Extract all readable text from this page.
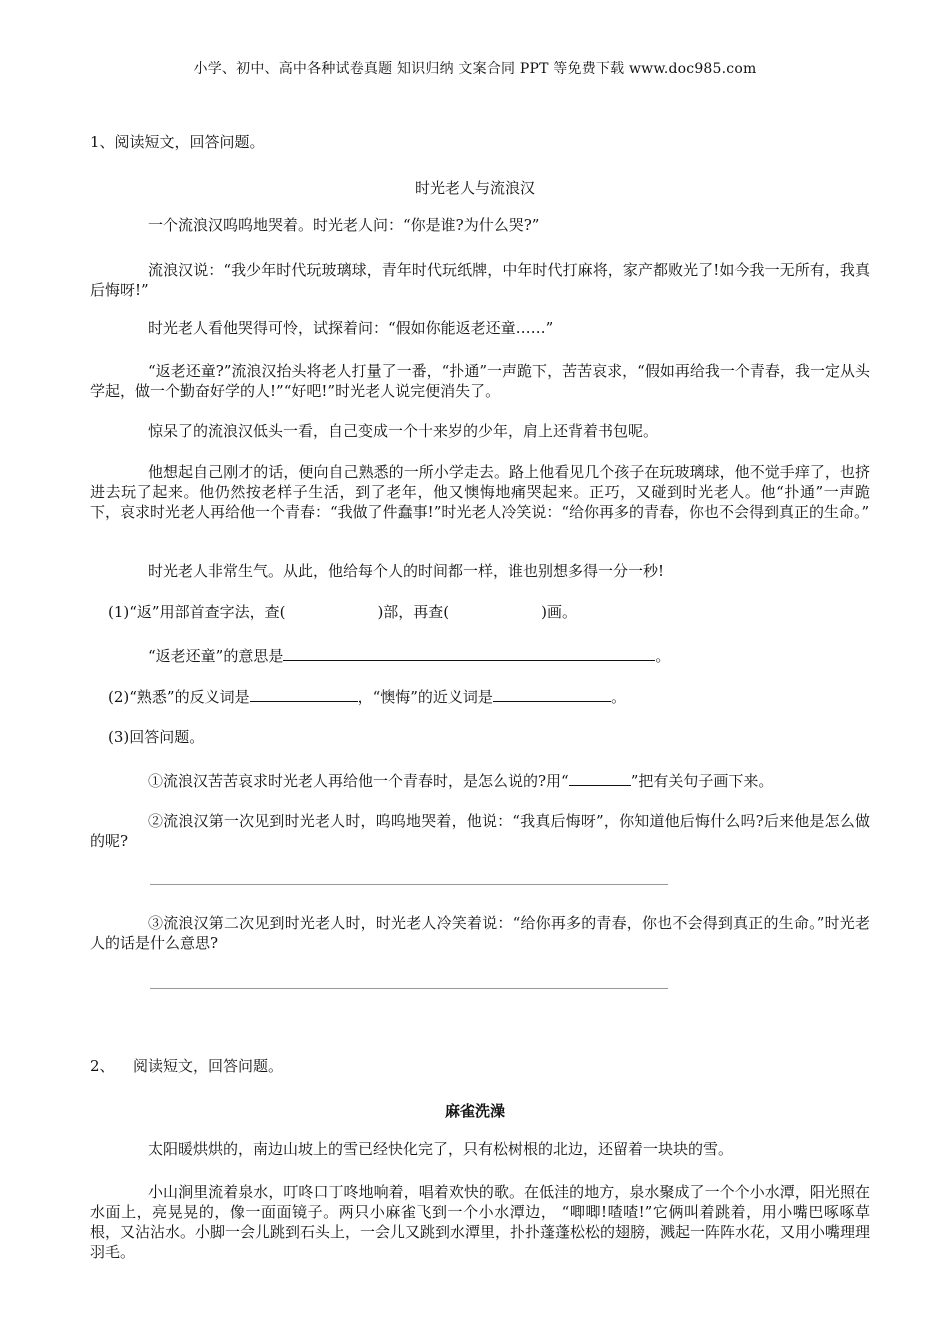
小学、初中、高中各种试卷真题 知识归纳 文案合同 PPT 等免费下载 www.doc985.com
1、阅读短文，回答问题。
时光老人与流浪汉
一个流浪汉呜呜地哭着。时光老人问：“你是谁?为什么哭?”
流浪汉说：“我少年时代玩玻璃球，青年时代玩纸牌，中年时代打麻将，家产都败光了!如今我一无所有，我真后悔呀!”
时光老人看他哭得可怜，试探着问：“假如你能返老还童……”
“返老还童?”流浪汉抬头将老人打量了一番，“扑通”一声跪下，苦苦哀求，“假如再给我一个青春，我一定从头学起，做一个勤奋好学的人!”“好吧!”时光老人说完便消失了。
惊呆了的流浪汉低头一看，自己变成一个十来岁的少年，肩上还背着书包呢。
他想起自己刚才的话，便向自己熟悉的一所小学走去。路上他看见几个孩子在玩玻璃球，他不觉手痒了，也挤进去玩了起来。他仍然按老样子生活，到了老年，他又懊悔地痛哭起来。正巧，又碰到时光老人。他“扑通”一声跪下，哀求时光老人再给他一个青春：“我做了件蠢事!”时光老人冷笑说：“给你再多的青春，你也不会得到真正的生命。”
时光老人非常生气。从此，他给每个人的时间都一样，谁也别想多得一分一秒!
(1)“返”用部首查字法，查(	)部，再查(	)画。
“返老还童”的意思是	。
(2)“熟悉”的反义词是	，“懊悔”的近义词是	。
(3)回答问题。
①流浪汉苦苦哀求时光老人再给他一个青春时，是怎么说的?用“	”把有关句子画下来。
②流浪汉第一次见到时光老人时，呜呜地哭着，他说：“我真后悔呀”，你知道他后悔什么吗?后来他是怎么做的呢?
③流浪汉第二次见到时光老人时，时光老人冷笑着说：“给你再多的青春，你也不会得到真正的生命。”时光老人的话是什么意思?
2、 阅读短文，回答问题。
麻雀洗澡
太阳暖烘烘的，南边山坡上的雪已经快化完了，只有松树根的北边，还留着一块块的雪。
小山涧里流着泉水，叮咚口丁咚地响着，唱着欢快的歌。在低洼的地方，泉水聚成了一个个小水潭，阳光照在水面上，亮晃晃的，像一面面镜子。两只小麻雀飞到一个小水潭边， “唧唧!喳喳!”它俩叫着跳着，用小嘴巴啄啄草根，又沾沾水。小脚一会儿跳到石头上，一会儿又跳到水潭里，扑扑蓬蓬松松的翅膀，溅起一阵阵水花，又用小嘴理理羽毛。
